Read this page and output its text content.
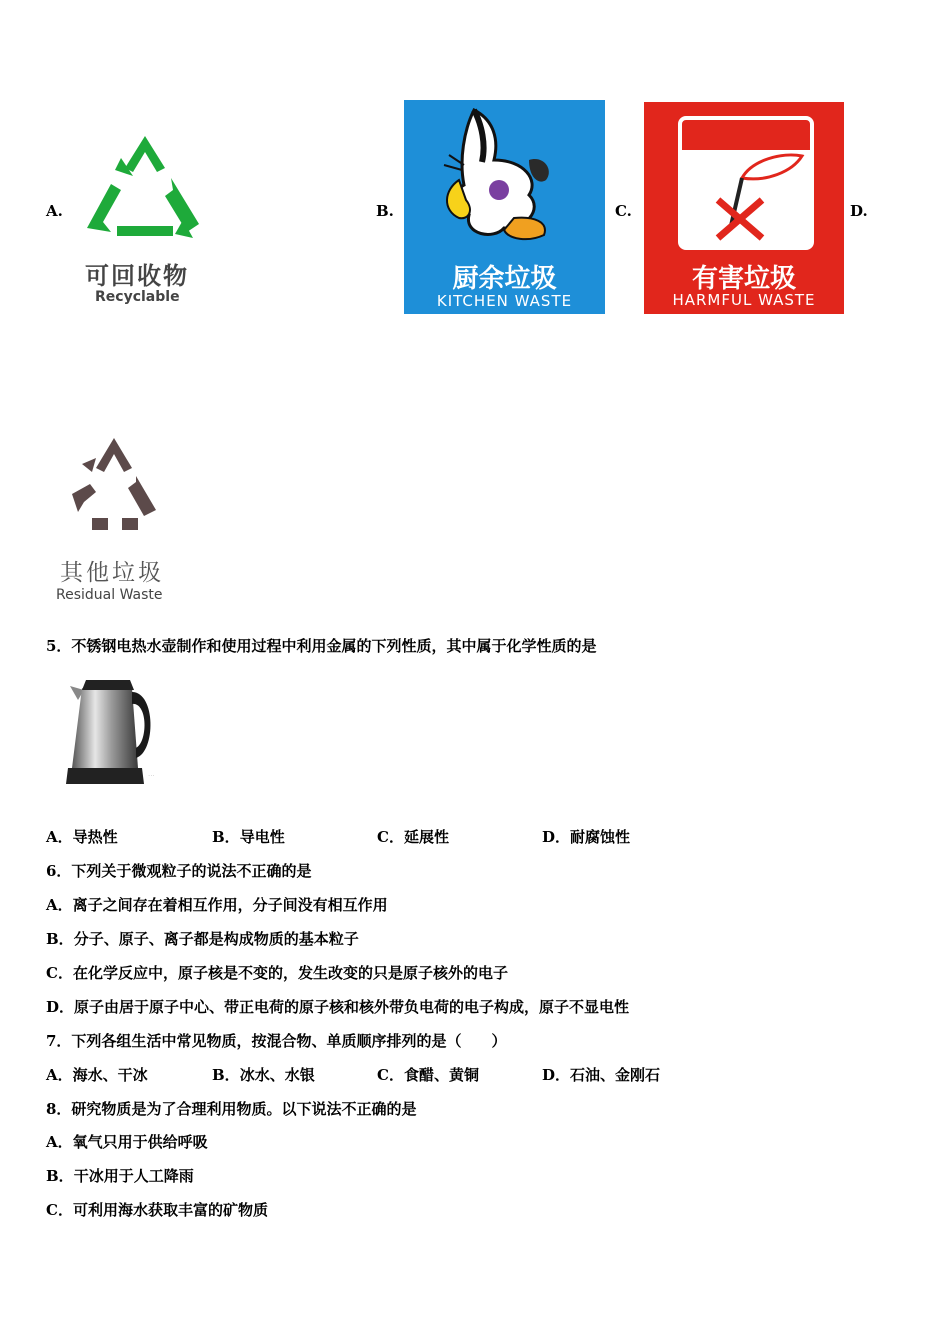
A.	B.	C.	D.
可回收物
Recyclable
厨余垃圾
KITCHEN WASTE
有害垃圾
HARMFUL WASTE
其他垃圾
Residual Waste
5．不锈钢电热水壶制作和使用过程中利用金属的下列性质，其中属于化学性质的是
...
A．导热性	B．导电性	C．延展性	D．耐腐蚀性
6．下列关于微观粒子的说法不正确的是
A．离子之间存在着相互作用，分子间没有相互作用
B．分子、原子、离子都是构成物质的基本粒子
C．在化学反应中，原子核是不变的，发生改变的只是原子核外的电子
D．原子由居于原子中心、带正电荷的原子核和核外带负电荷的电子构成，原子不显电性
7．下列各组生活中常见物质，按混合物、单质顺序排列的是（　　）
A．海水、干冰	B．冰水、水银	C．食醋、黄铜	D．石油、金刚石
8．研究物质是为了合理利用物质。以下说法不正确的是
A．氧气只用于供给呼吸
B．干冰用于人工降雨
C．可利用海水获取丰富的矿物质
